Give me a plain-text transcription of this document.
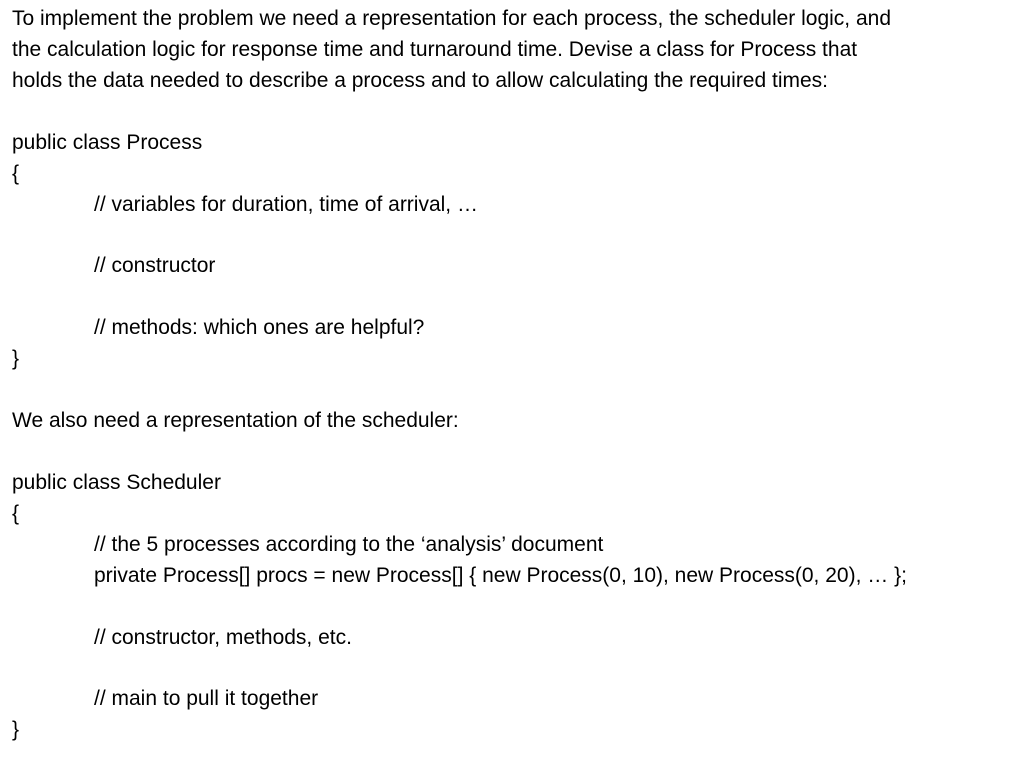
To implement the problem we need a representation for each process, the scheduler logic, and
the calculation logic for response time and turnaround time. Devise a class for Process that
holds the data needed to describe a process and to allow calculating the required times:
public class Process
{
// variables for duration, time of arrival, …
// constructor
// methods: which ones are helpful?
}
We also need a representation of the scheduler:
public class Scheduler
{
// the 5 processes according to the ‘analysis’ document
private Process[] procs = new Process[] { new Process(0, 10), new Process(0, 20), … };
// constructor, methods, etc.
// main to pull it together
}
